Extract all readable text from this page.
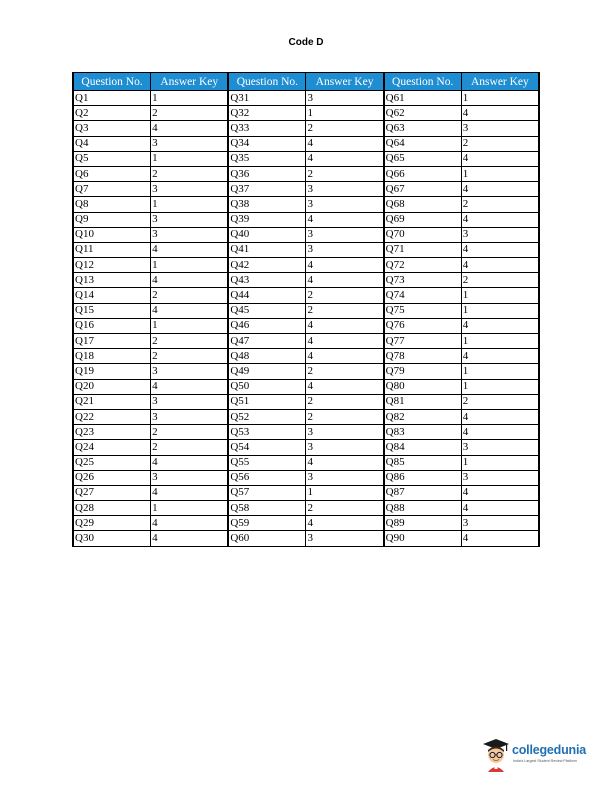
Code D
Question No.	Answer Key	Question No.	Answer Key	Question No.	Answer Key
Q1	1	Q31	3	Q61	1
Q2	2	Q32	1	Q62	4
Q3	4	Q33	2	Q63	3
Q4	3	Q34	4	Q64	2
Q5	1	Q35	4	Q65	4
Q6	2	Q36	2	Q66	1
Q7	3	Q37	3	Q67	4
Q8	1	Q38	3	Q68	2
Q9	3	Q39	4	Q69	4
Q10	3	Q40	3	Q70	3
Q11	4	Q41	3	Q71	4
Q12	1	Q42	4	Q72	4
Q13	4	Q43	4	Q73	2
Q14	2	Q44	2	Q74	1
Q15	4	Q45	2	Q75	1
Q16	1	Q46	4	Q76	4
Q17	2	Q47	4	Q77	1
Q18	2	Q48	4	Q78	4
Q19	3	Q49	2	Q79	1
Q20	4	Q50	4	Q80	1
Q21	3	Q51	2	Q81	2
Q22	3	Q52	2	Q82	4
Q23	2	Q53	3	Q83	4
Q24	2	Q54	3	Q84	3
Q25	4	Q55	4	Q85	1
Q26	3	Q56	3	Q86	3
Q27	4	Q57	1	Q87	4
Q28	1	Q58	2	Q88	4
Q29	4	Q59	4	Q89	3
Q30	4	Q60	3	Q90	4
collegedunia
India's Largest Student Review Platform
